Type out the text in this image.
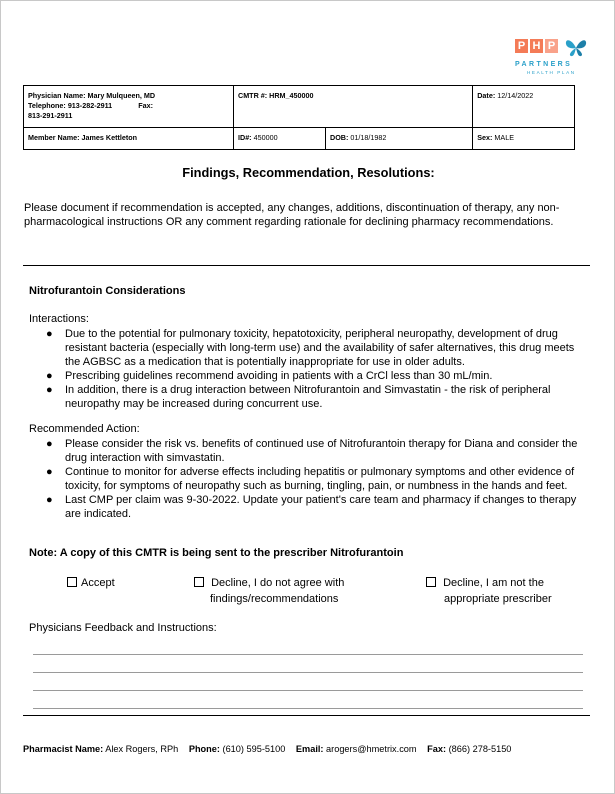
P H P
PARTNERS
HEALTH PLAN
Physician Name: Mary Mulqueen, MD
Telephone: 913-282-2911 Fax:
813-291-2911	CMTR #: HRM_450000		Date: 12/14/2022
Member Name: James Kettleton	ID#: 450000	DOB: 01/18/1982	Sex: MALE
Findings, Recommendation, Resolutions:
Please document if recommendation is accepted, any changes, additions, discontinuation of therapy, any non-pharmacological instructions OR any comment regarding rationale for declining pharmacy recommendations.
Nitrofurantoin Considerations
Interactions:
● Due to the potential for pulmonary toxicity, hepatotoxicity, peripheral neuropathy, development of drug resistant bacteria (especially with long-term use) and the availability of safer alternatives, this drug meets the AGBSC as a medication that is potentially inappropriate for use in older adults.
● Prescribing guidelines recommend avoiding in patients with a CrCl less than 30 mL/min.
● In addition, there is a drug interaction between Nitrofurantoin and Simvastatin - the risk of peripheral neuropathy may be increased during concurrent use.
Recommended Action:
● Please consider the risk vs. benefits of continued use of Nitrofurantoin therapy for Diana and consider the drug interaction with simvastatin.
● Continue to monitor for adverse effects including hepatitis or pulmonary symptoms and other evidence of toxicity, for symptoms of neuropathy such as burning, tingling, pain, or numbness in the hands and feet.
● Last CMP per claim was 9-30-2022. Update your patient's care team and pharmacy if changes to therapy are indicated.
Note: A copy of this CMTR is being sent to the prescriber Nitrofurantoin
Accept	Decline, I do not agree with
findings/recommendations
Decline, I am not the
appropriate prescriber
Physicians Feedback and Instructions:
Pharmacist Name: Alex Rogers, RPh Phone: (610) 595-5100 Email: arogers@hmetrix.com Fax: (866) 278-5150
